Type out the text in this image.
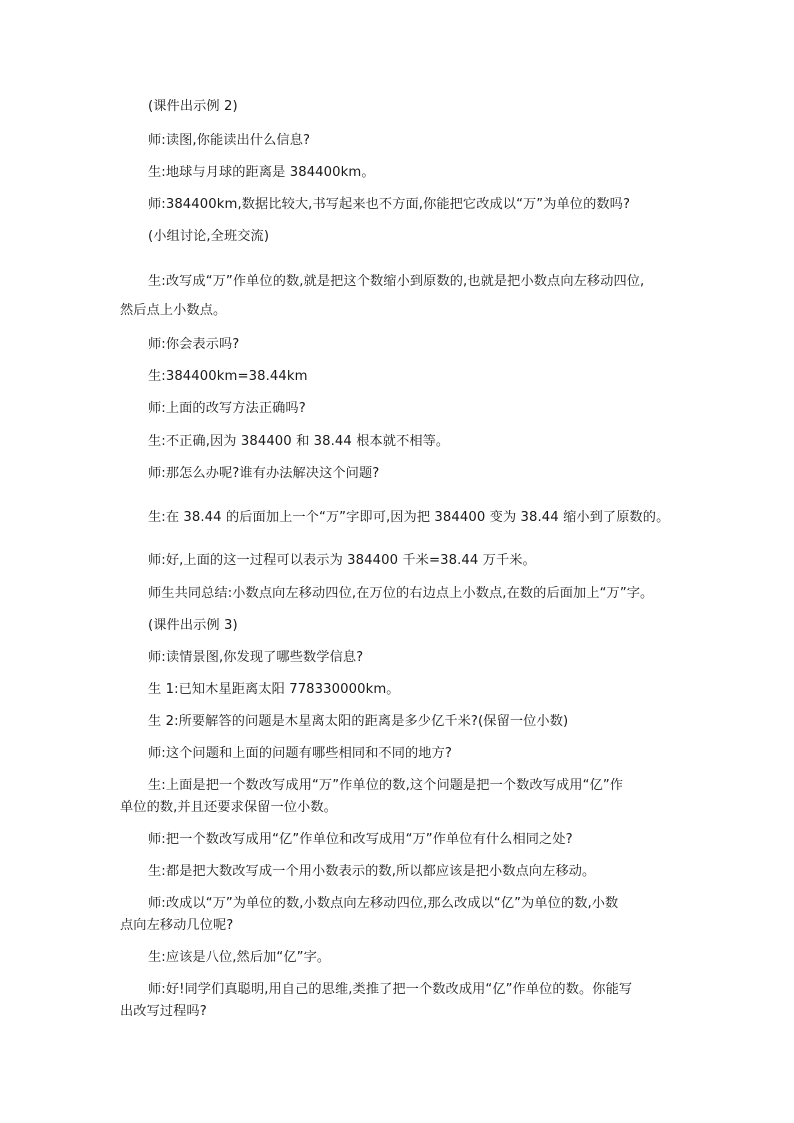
(课件出示例 2)
师:读图,你能读出什么信息?
生:地球与月球的距离是 384400km。
师:384400km,数据比较大,书写起来也不方面,你能把它改成以“万”为单位的数吗?
(小组讨论,全班交流)
生:改写成“万”作单位的数,就是把这个数缩小到原数的,也就是把小数点向左移动四位,
然后点上小数点。
师:你会表示吗?
生:384400km=38.44km
师:上面的改写方法正确吗?
生:不正确,因为 384400 和 38.44 根本就不相等。
师:那怎么办呢?谁有办法解决这个问题?
生:在 38.44 的后面加上一个“万”字即可,因为把 384400 变为 38.44 缩小到了原数的。
师:好,上面的这一过程可以表示为 384400 千米=38.44 万千米。
师生共同总结:小数点向左移动四位,在万位的右边点上小数点,在数的后面加上“万”字。
(课件出示例 3)
师:读情景图,你发现了哪些数学信息?
生 1:已知木星距离太阳 778330000km。
生 2:所要解答的问题是木星离太阳的距离是多少亿千米?(保留一位小数)
师:这个问题和上面的问题有哪些相同和不同的地方?
生:上面是把一个数改写成用“万”作单位的数,这个问题是把一个数改写成用“亿”作
单位的数,并且还要求保留一位小数。
师:把一个数改写成用“亿”作单位和改写成用“万”作单位有什么相同之处?
生:都是把大数改写成一个用小数表示的数,所以都应该是把小数点向左移动。
师:改成以“万”为单位的数,小数点向左移动四位,那么改成以“亿”为单位的数,小数
点向左移动几位呢?
生:应该是八位,然后加“亿”字。
师:好!同学们真聪明,用自己的思维,类推了把一个数改成用“亿”作单位的数。你能写
出改写过程吗?
